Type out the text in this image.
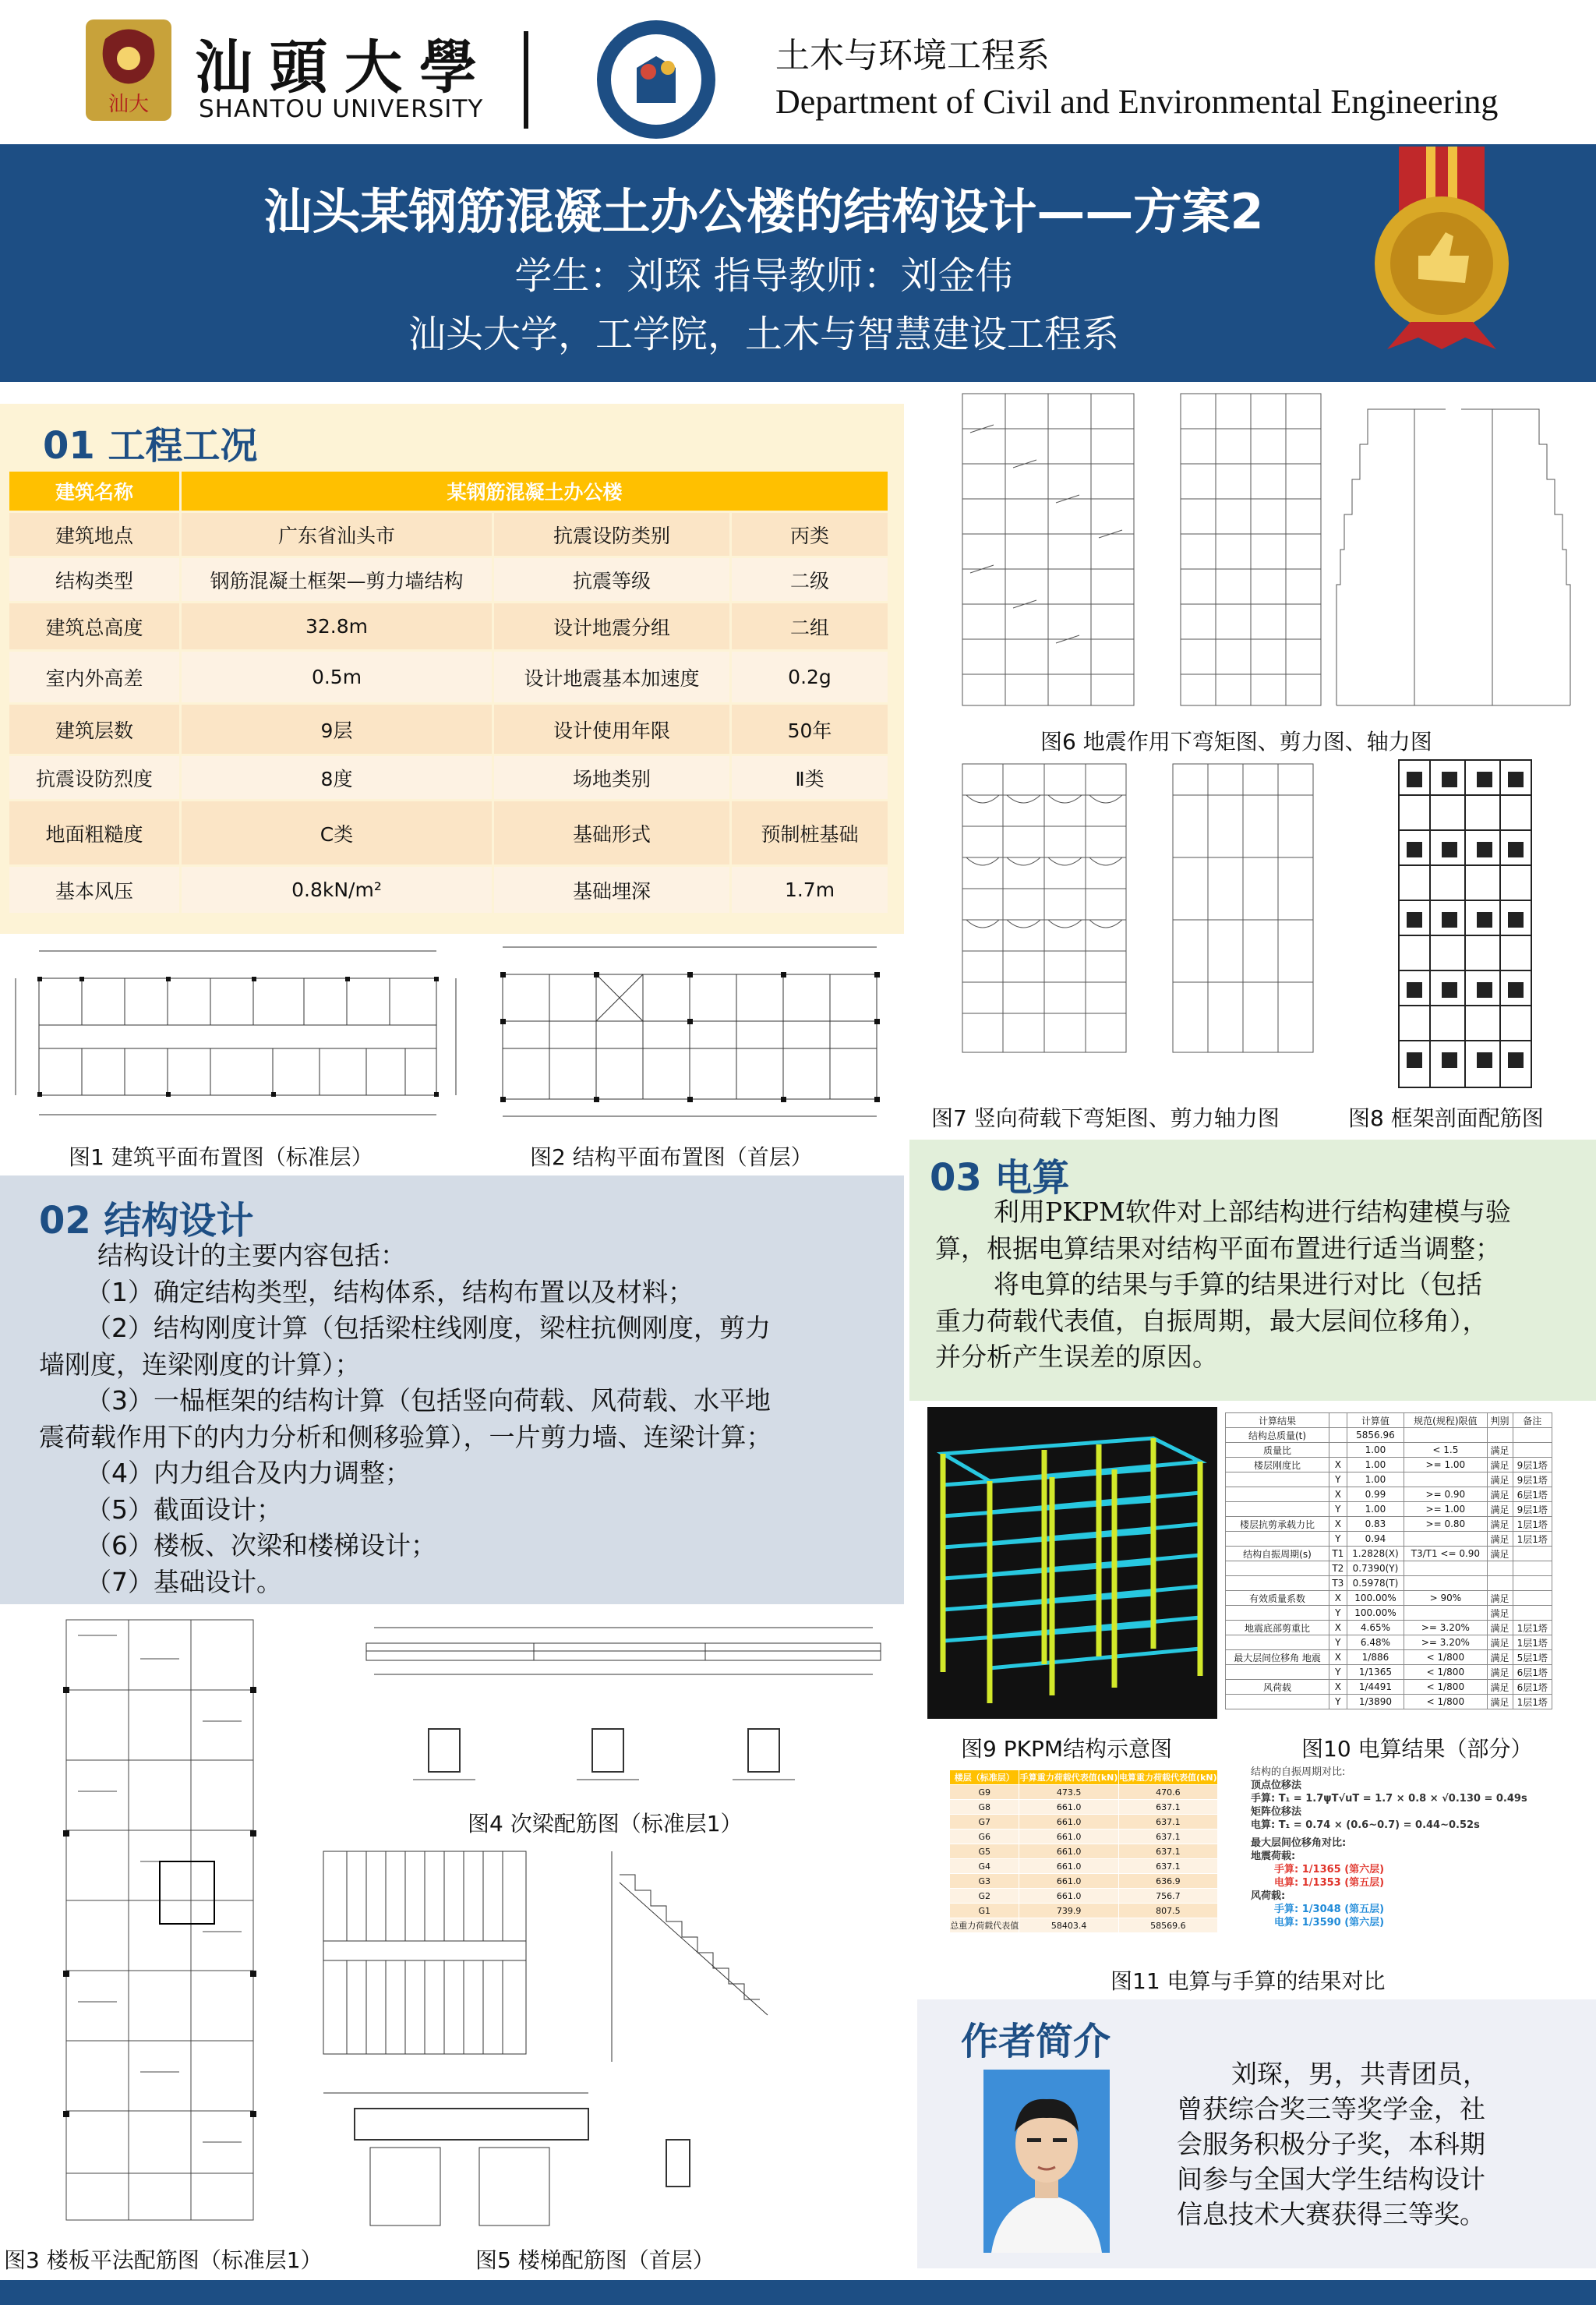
汕大
汕頭大學
SHANTOU UNIVERSITY
土木与环境工程系
Department of Civil and Environmental Engineering
汕头某钢筋混凝土办公楼的结构设计——方案2
学生：刘琛 指导教师：刘金伟
汕头大学，工学院，土木与智慧建设工程系
01 工程工况
建筑名称	某钢筋混凝土办公楼		
建筑地点	广东省汕头市	抗震设防类别	丙类
结构类型	钢筋混凝土框架—剪力墙结构	抗震等级	二级
建筑总高度	32.8m	设计地震分组	二组
室内外高差	0.5m	设计地震基本加速度	0.2g
建筑层数	9层	设计使用年限	50年
抗震设防烈度	8度	场地类别	Ⅱ类
地面粗糙度	C类	基础形式	预制桩基础
基本风压	0.8kN/m²	基础埋深	1.7m
图1 建筑平面布置图（标准层）	图2 结构平面布置图（首层）
02 结构设计
结构设计的主要内容包括：
（1）确定结构类型，结构体系，结构布置以及材料；
（2）结构刚度计算（包括梁柱线刚度，梁柱抗侧刚度，剪力
墙刚度，连梁刚度的计算）；
（3）一榀框架的结构计算（包括竖向荷载、风荷载、水平地
震荷载作用下的内力分析和侧移验算），一片剪力墙、连梁计算；
（4）内力组合及内力调整；
（5）截面设计；
（6）楼板、次梁和楼梯设计；
（7）基础设计。
图3 楼板平法配筋图（标准层1）
图4 次梁配筋图（标准层1）
图5 楼梯配筋图（首层）
图6 地震作用下弯矩图、剪力图、轴力图
图7 竖向荷载下弯矩图、剪力轴力图	图8 框架剖面配筋图
03 电算
利用PKPM软件对上部结构进行结构建模与验
算，根据电算结果对结构平面布置进行适当调整；
将电算的结果与手算的结果进行对比（包括
重力荷载代表值，自振周期，最大层间位移角），
并分析产生误差的原因。
图9 PKPM结构示意图
计算结果		计算值	规范(规程)限值	判别	备注
结构总质量(t)		5856.96			
质量比		1.00	< 1.5	满足	
楼层刚度比	X	1.00	>= 1.00	满足	9层1塔
	Y	1.00		满足	9层1塔
	X	0.99	>= 0.90	满足	6层1塔
	Y	1.00	>= 1.00	满足	9层1塔
楼层抗剪承载力比	X	0.83	>= 0.80	满足	1层1塔
	Y	0.94		满足	1层1塔
结构自振周期(s)	T1	1.2828(X)	T3/T1 <= 0.90	满足	
	T2	0.7390(Y)			
	T3	0.5978(T)			
有效质量系数	X	100.00%	> 90%	满足	
	Y	100.00%		满足	
地震底部剪重比	X	4.65%	>= 3.20%	满足	1层1塔
	Y	6.48%	>= 3.20%	满足	1层1塔
最大层间位移角 地震	X	1/886	< 1/800	满足	5层1塔
	Y	1/1365	< 1/800	满足	6层1塔
风荷载	X	1/4491	< 1/800	满足	6层1塔
	Y	1/3890	< 1/800	满足	1层1塔
图10 电算结果（部分）
楼层（标准层）	手算重力荷载代表值(kN)	电算重力荷载代表值(kN)
G9	473.5	470.6
G8	661.0	637.1
G7	661.0	637.1
G6	661.0	637.1
G5	661.0	637.1
G4	661.0	637.1
G3	661.0	636.9
G2	661.0	756.7
G1	739.9	807.5
总重力荷载代表值	58403.4	58569.6
结构的自振周期对比:
顶点位移法
手算: T₁ = 1.7ψT√uT = 1.7 × 0.8 × √0.130 = 0.49s
矩阵位移法
电算: T₁ = 0.74 × (0.6~0.7) = 0.44~0.52s
最大层间位移角对比:
地震荷载:
手算: 1/1365 (第六层)
电算: 1/1353 (第五层)
风荷载:
手算: 1/3048 (第五层)
电算: 1/3590 (第六层)
图11 电算与手算的结果对比
作者简介
刘琛，男，共青团员，
曾获综合奖三等奖学金，社
会服务积极分子奖，本科期
间参与全国大学生结构设计
信息技术大赛获得三等奖。
